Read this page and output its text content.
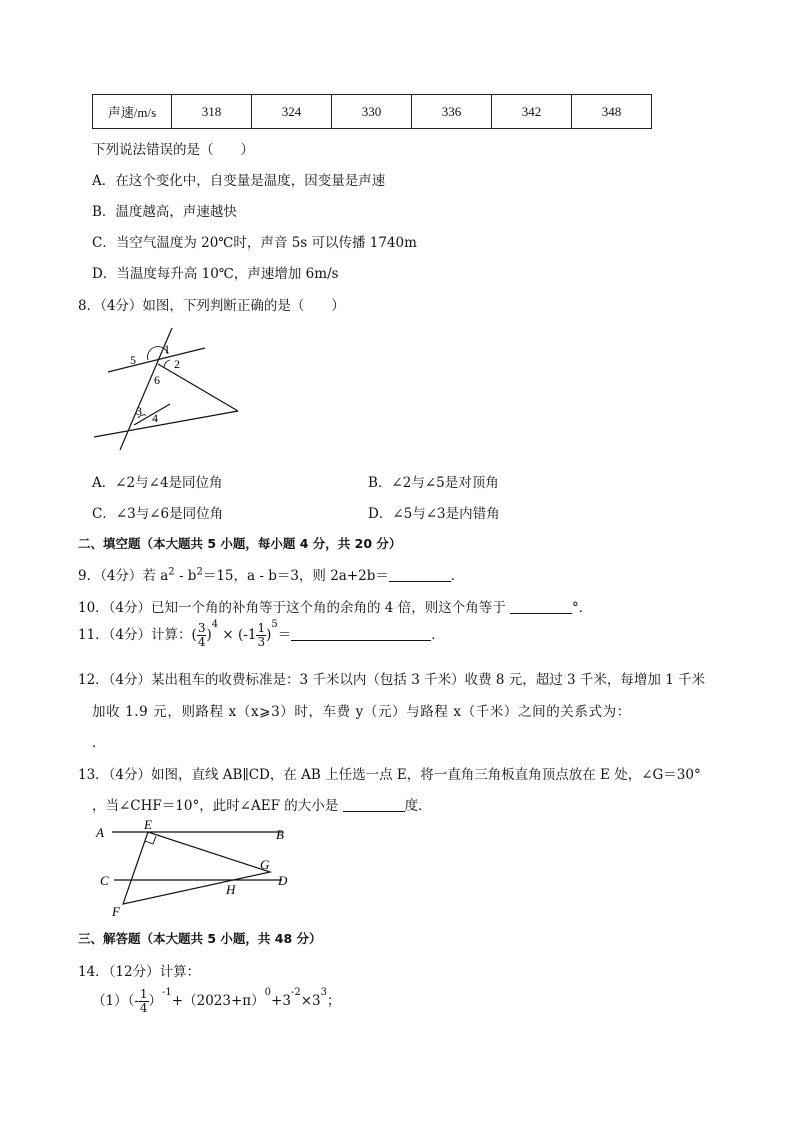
声速/m/s	318	324	330	336	342	348
下列说法错误的是（　　）
A．在这个变化中，自变量是温度，因变量是声速
B．温度越高，声速越快
C．当空气温度为 20℃时，声音 5s 可以传播 1740m
D．当温度每升高 10℃，声速增加 6m/s
8．（4分）如图，下列判断正确的是（　　）
1
2
5
6
3 4
A．∠2与∠4是同位角	B．∠2与∠5是对顶角
C．∠3与∠6是同位角	D．∠5与∠3是内错角
二、填空题（本大题共 5 小题，每小题 4 分，共 20 分）
9．（4分）若 $a^2 - b^2=15$，a - b＝3，则 2a+2b＝	．
10．（4分）已知一个角的补角等于这个角的余角的 4 倍，则这个角等于	°．
11．（4分）计算：( $\frac{3}{4} )^4 \times (-1 \frac{1}{3} )^5=$	．
12．（4分）某出租车的收费标准是：3 千米以内（包括 3 千米）收费 8 元，超过 3 千米，每增加 1 千米
加收 1.9 元，则路程 x（x⩾3）时，车费 y（元）与路程 x（千米）之间的关系式为：
．
13．（4分）如图，直线 AB∥CD，在 AB 上任选一点 E，将一直角三角板直角顶点放在 E 处，∠G＝30°
，当∠CHF＝10°，此时∠AEF 的大小是	度．
A
E
B
G
C
H
D
F
三、解答题（本大题共 5 小题，共 48 分）
14．（12分）计算：
$(1)(- \frac{1}{4} )^{-1}+(2023+\pi)^0+3^{-2}\times 3^3$；
